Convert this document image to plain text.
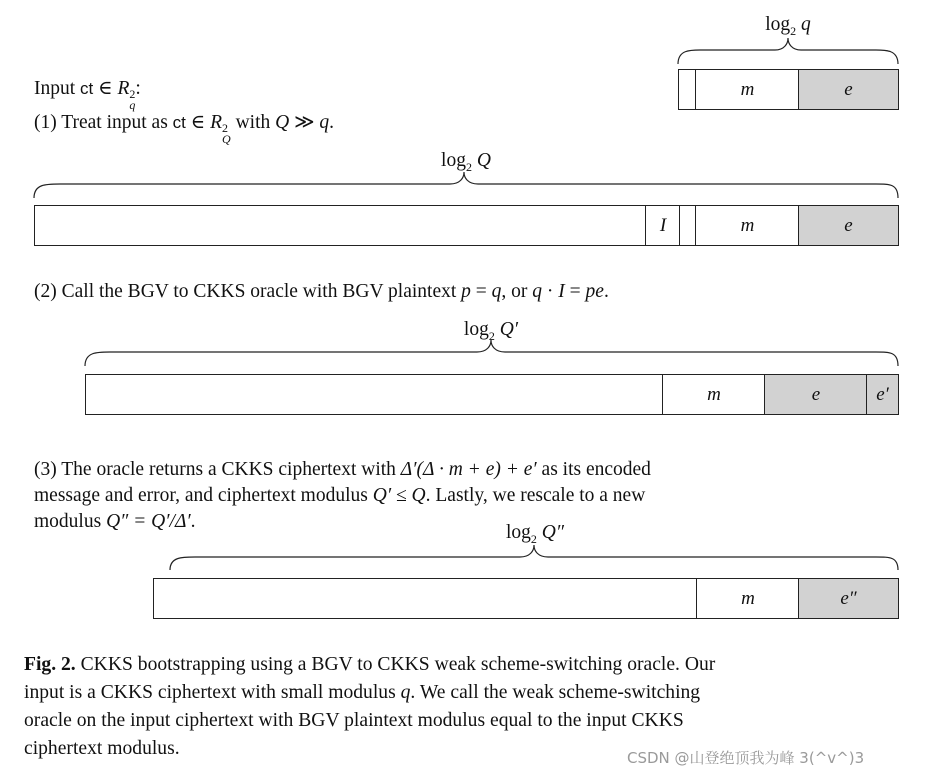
$\log_2 q$
$\log_2 Q$
$\log_2 Q'$
$\log_2 Q''$
m	e
I	m	e
m	e	e′
m	e″
Input ct ∈ R 2
q
:
(1) Treat input as ct ∈ R 2
Q
with Q ≫ q.
(2) Call the BGV to CKKS oracle with BGV plaintext p = q, or q · I = pe.
(3) The oracle returns a CKKS ciphertext with Δ′(Δ · m + e) + e′ as its encoded
message and error, and ciphertext modulus Q′ ≤ Q. Lastly, we rescale to a new
modulus Q″ = Q′/Δ′.
Fig. 2. CKKS bootstrapping using a BGV to CKKS weak scheme-switching oracle. Our
input is a CKKS ciphertext with small modulus q. We call the weak scheme-switching
oracle on the input ciphertext with BGV plaintext modulus equal to the input CKKS
ciphertext modulus.	CSDN @山登绝顶我为峰 3(^v^)3
